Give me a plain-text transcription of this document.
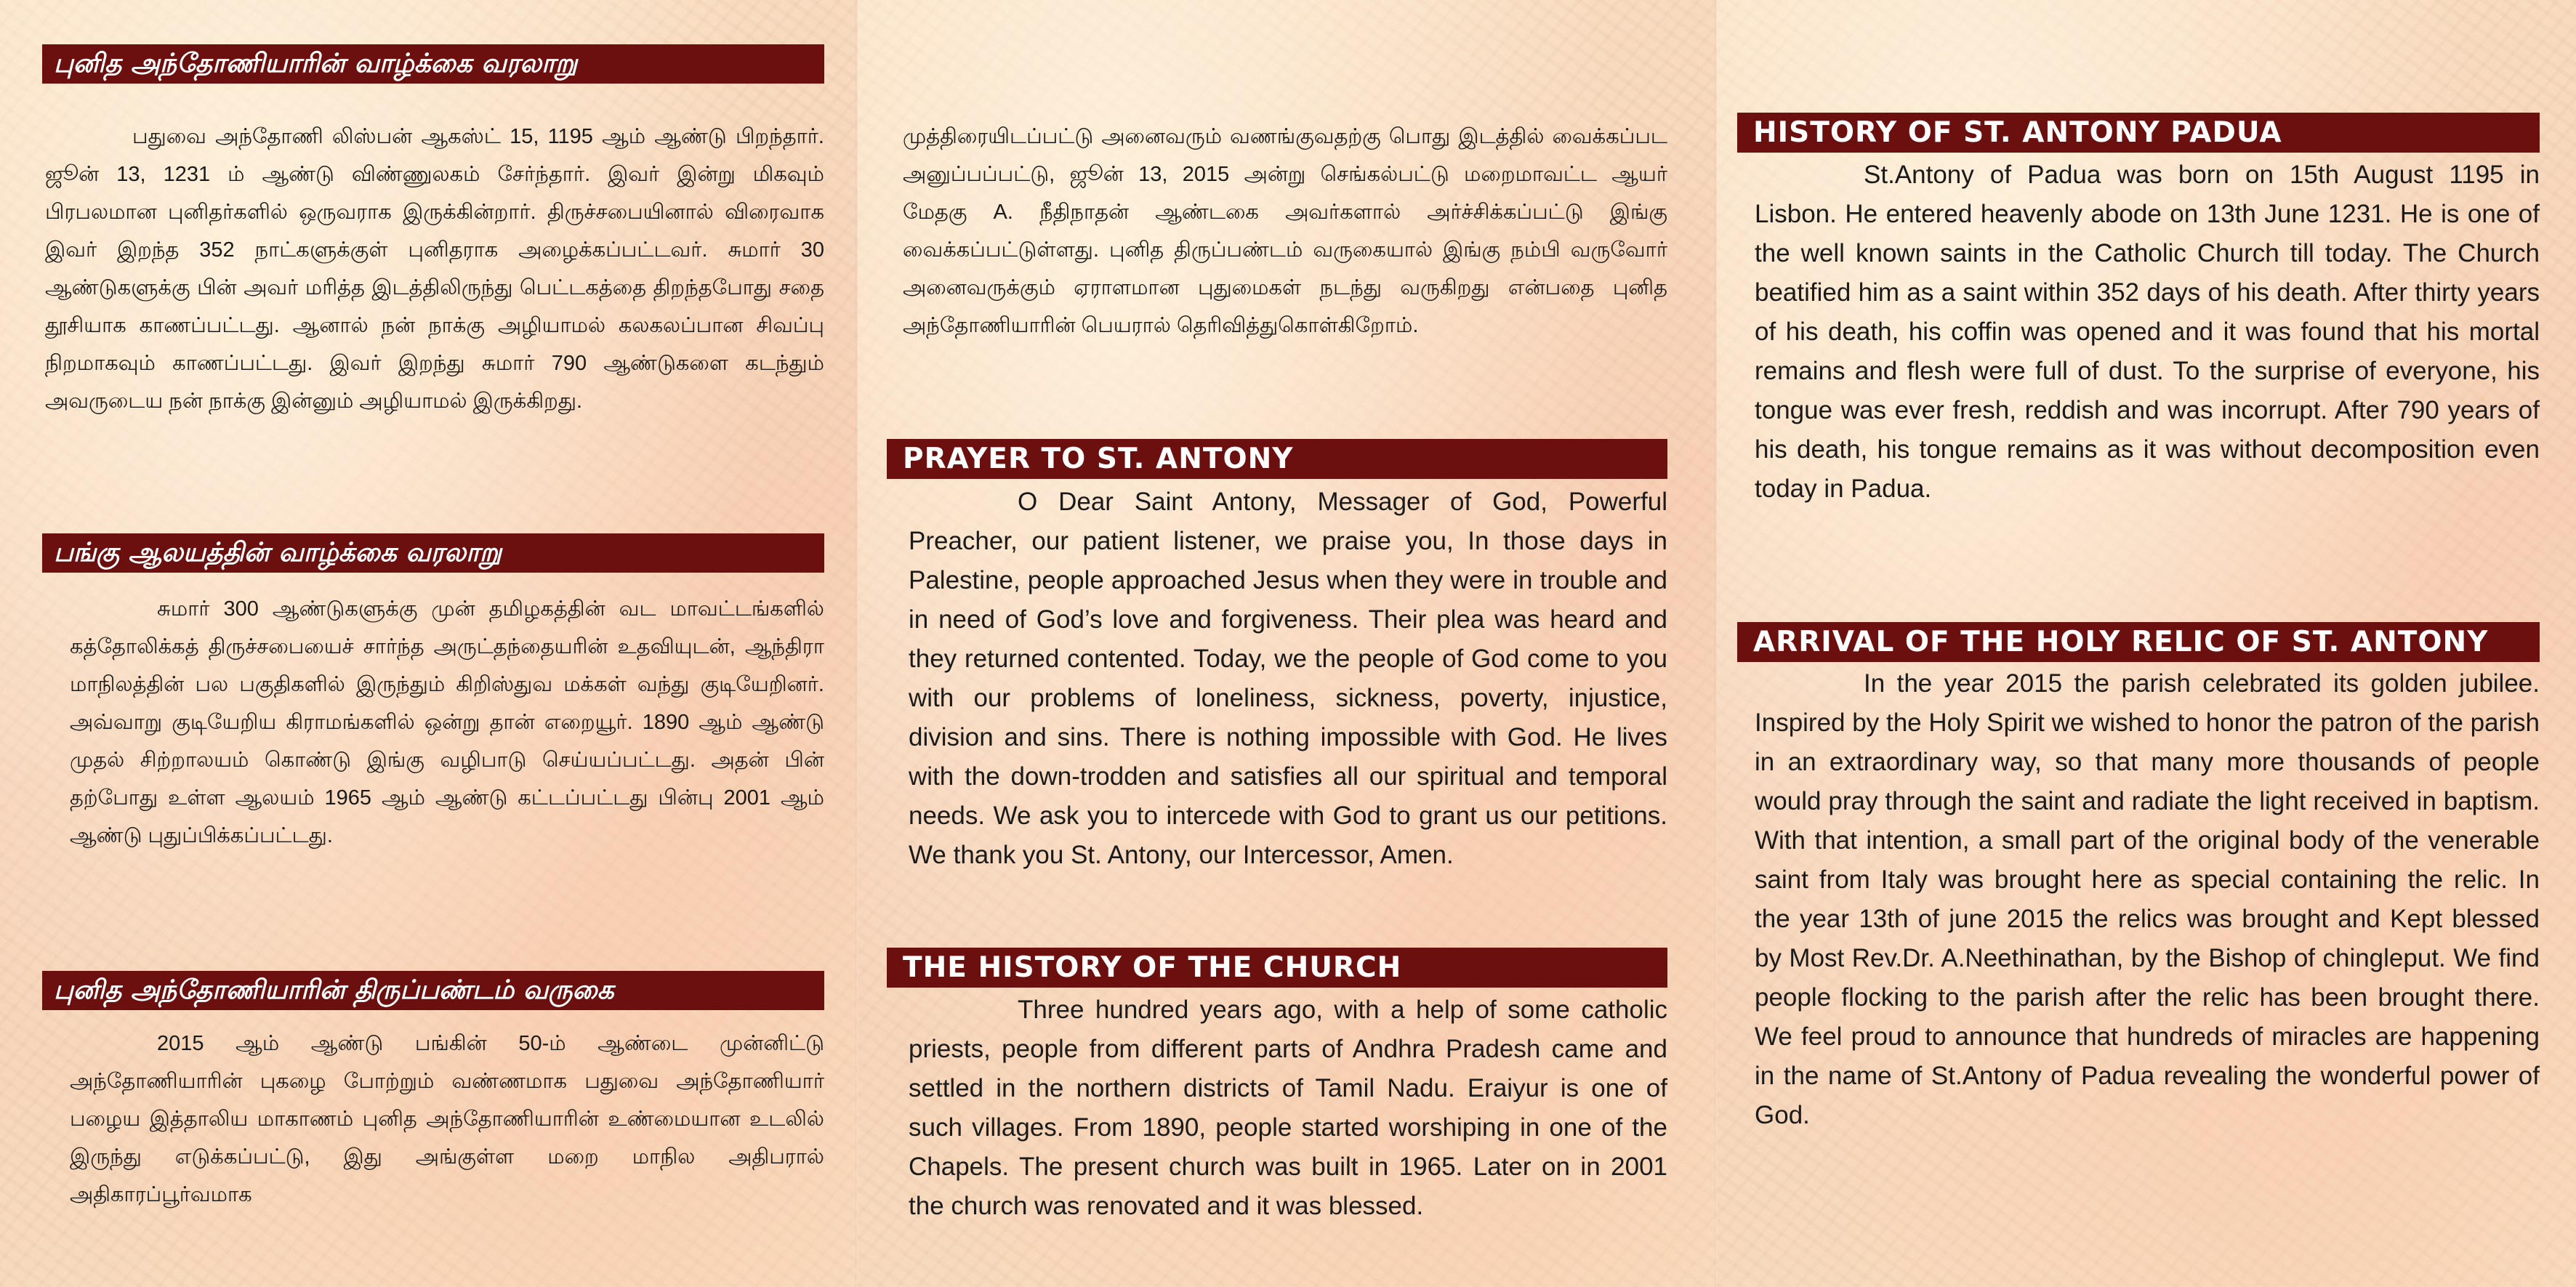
புனித அந்தோணியாரின் வாழ்க்கை வரலாறு

பதுவை அந்தோணி லிஸ்பன் ஆகஸ்ட் 15, 1195 ஆம் ஆண்டு பிறந்தார். ஜூன் 13, 1231 ம் ஆண்டு விண்ணுலகம் சேர்ந்தார். இவர் இன்று மிகவும் பிரபலமான புனிதர்களில் ஒருவராக இருக்கின்றார். திருச்சபையினால் விரைவாக இவர் இறந்த 352 நாட்களுக்குள் புனிதராக அழைக்கப்பட்டவர். சுமார் 30 ஆண்டுகளுக்கு பின் அவர் மரித்த இடத்திலிருந்து பெட்டகத்தை திறந்தபோது சதை தூசியாக காணப்பட்டது. ஆனால் நன் நாக்கு அழியாமல் கலகலப்பான சிவப்பு நிறமாகவும் காணப்பட்டது. இவர் இறந்து சுமார் 790 ஆண்டுகளை கடந்தும் அவருடைய நன் நாக்கு இன்னும் அழியாமல் இருக்கிறது.

பங்கு ஆலயத்தின் வாழ்க்கை வரலாறு

சுமார் 300 ஆண்டுகளுக்கு முன் தமிழகத்தின் வட மாவட்டங்களில் கத்தோலிக்கத் திருச்சபையைச் சார்ந்த அருட்தந்தையரின் உதவியுடன், ஆந்திரா மாநிலத்தின் பல பகுதிகளில் இருந்தும் கிறிஸ்துவ மக்கள் வந்து குடியேறினர். அவ்வாறு குடியேறிய கிராமங்களில் ஒன்று தான் எறையூர். 1890 ஆம் ஆண்டு முதல் சிற்றாலயம் கொண்டு இங்கு வழிபாடு செய்யப்பட்டது. அதன் பின் தற்போது உள்ள ஆலயம் 1965 ஆம் ஆண்டு கட்டப்பட்டது பின்பு 2001 ஆம் ஆண்டு புதுப்பிக்கப்பட்டது.

புனித அந்தோணியாரின் திருப்பண்டம் வருகை

2015 ஆம் ஆண்டு பங்கின் 50-ம் ஆண்டை முன்னிட்டு அந்தோணியாரின் புகழை போற்றும் வண்ணமாக பதுவை அந்தோணியார் பழைய இத்தாலிய மாகாணம் புனித அந்தோணியாரின் உண்மையான உடலில் இருந்து எடுக்கப்பட்டு, இது அங்குள்ள மறை மாநில அதிபரால் அதிகாரப்பூர்வமாக

முத்திரையிடப்பட்டு அனைவரும் வணங்குவதற்கு பொது இடத்தில் வைக்கப்பட அனுப்பப்பட்டு, ஜூன் 13, 2015 அன்று செங்கல்பட்டு மறைமாவட்ட ஆயர் மேதகு A. நீதிநாதன் ஆண்டகை அவர்களால் அர்ச்சிக்கப்பட்டு இங்கு வைக்கப்பட்டுள்ளது. புனித திருப்பண்டம் வருகையால் இங்கு நம்பி வருவோர் அனைவருக்கும் ஏராளமான புதுமைகள் நடந்து வருகிறது என்பதை புனித அந்தோணியாரின் பெயரால் தெரிவித்துகொள்கிறோம்.

PRAYER TO ST. ANTONY

O Dear Saint Antony, Messager of God, Powerful Preacher, our patient listener, we praise you, In those days in Palestine, people approached Jesus when they were in trouble and in need of God’s love and forgiveness. Their plea was heard and they returned contented. Today, we the people of God come to you with our problems of loneliness, sickness, poverty, injustice, division and sins. There is nothing impossible with God. He lives with the down-trodden and satisfies all our spiritual and temporal needs. We ask you to intercede with God to grant us our petitions. We thank you St. Antony, our Intercessor, Amen.

THE HISTORY OF THE CHURCH

Three hundred years ago, with a help of some catholic priests, people from different parts of Andhra Pradesh came and settled in the northern districts of Tamil Nadu. Eraiyur is one of such villages. From 1890, people started worshiping in one of the Chapels. The present church was built in 1965. Later on in 2001 the church was renovated and it was blessed.

HISTORY OF ST. ANTONY PADUA

St.Antony of Padua was born on 15th August 1195 in Lisbon. He entered heavenly abode on 13th June 1231. He is one of the well known saints in the Catholic Church till today. The Church beatified him as a saint within 352 days of his death. After thirty years of his death, his coffin was opened and it was found that his mortal remains and flesh were full of dust. To the surprise of everyone, his tongue was ever fresh, reddish and was incorrupt. After 790 years of his death, his tongue remains as it was without decomposition even today in Padua.

ARRIVAL OF THE HOLY RELIC OF ST. ANTONY

In the year 2015 the parish celebrated its golden jubilee. Inspired by the Holy Spirit we wished to honor the patron of the parish in an extraordinary way, so that many more thousands of people would pray through the saint and radiate the light received in baptism. With that intention, a small part of the original body of the venerable saint from Italy was brought here as special containing the relic. In the year 13th of june 2015 the relics was brought and Kept blessed by Most Rev.Dr. A.Neethinathan, by the Bishop of chingleput. We find people flocking to the parish after the relic has been brought there. We feel proud to announce that hundreds of miracles are happening in the name of St.Antony of Padua revealing the wonderful power of God.
